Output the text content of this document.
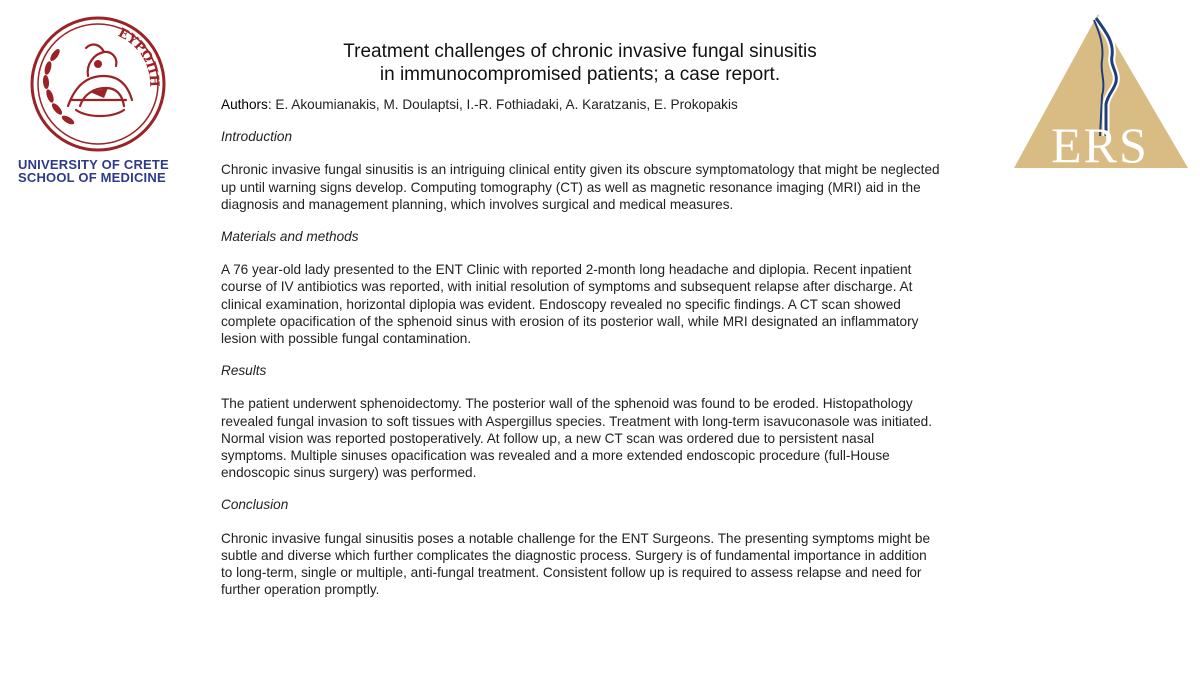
ΕΥΡΩΠΗ
UNIVERSITY OF CRETE
SCHOOL OF MEDICINE
ERS
Treatment challenges of chronic invasive fungal sinusitis
in immunocompromised patients; a case report.

Authors: E. Akoumianakis, M. Doulaptsi, I.-R. Fothiadaki, A. Karatzanis, E. Prokopakis

Introduction

Chronic invasive fungal sinusitis is an intriguing clinical entity given its obscure symptomatology that might be neglected up until warning signs develop. Computing tomography (CT) as well as magnetic resonance imaging (MRI) aid in the diagnosis and management planning, which involves surgical and medical measures.

Materials and methods

A 76 year-old lady presented to the ENT Clinic with reported 2-month long headache and diplopia. Recent inpatient course of IV antibiotics was reported, with initial resolution of symptoms and subsequent relapse after discharge. At clinical examination, horizontal diplopia was evident. Endoscopy revealed no specific findings. A CT scan showed complete opacification of the sphenoid sinus with erosion of its posterior wall, while MRI designated an inflammatory lesion with possible fungal contamination.

Results

The patient underwent sphenoidectomy. The posterior wall of the sphenoid was found to be eroded. Histopathology revealed fungal invasion to soft tissues with Aspergillus species. Treatment with long-term isavuconasole was initiated. Normal vision was reported postoperatively. At follow up, a new CT scan was ordered due to persistent nasal symptoms. Multiple sinuses opacification was revealed and a more extended endoscopic procedure (full-House endoscopic sinus surgery) was performed.

Conclusion

Chronic invasive fungal sinusitis poses a notable challenge for the ENT Surgeons. The presenting symptoms might be subtle and diverse which further complicates the diagnostic process. Surgery is of fundamental importance in addition to long-term, single or multiple, anti-fungal treatment. Consistent follow up is required to assess relapse and need for further operation promptly.
